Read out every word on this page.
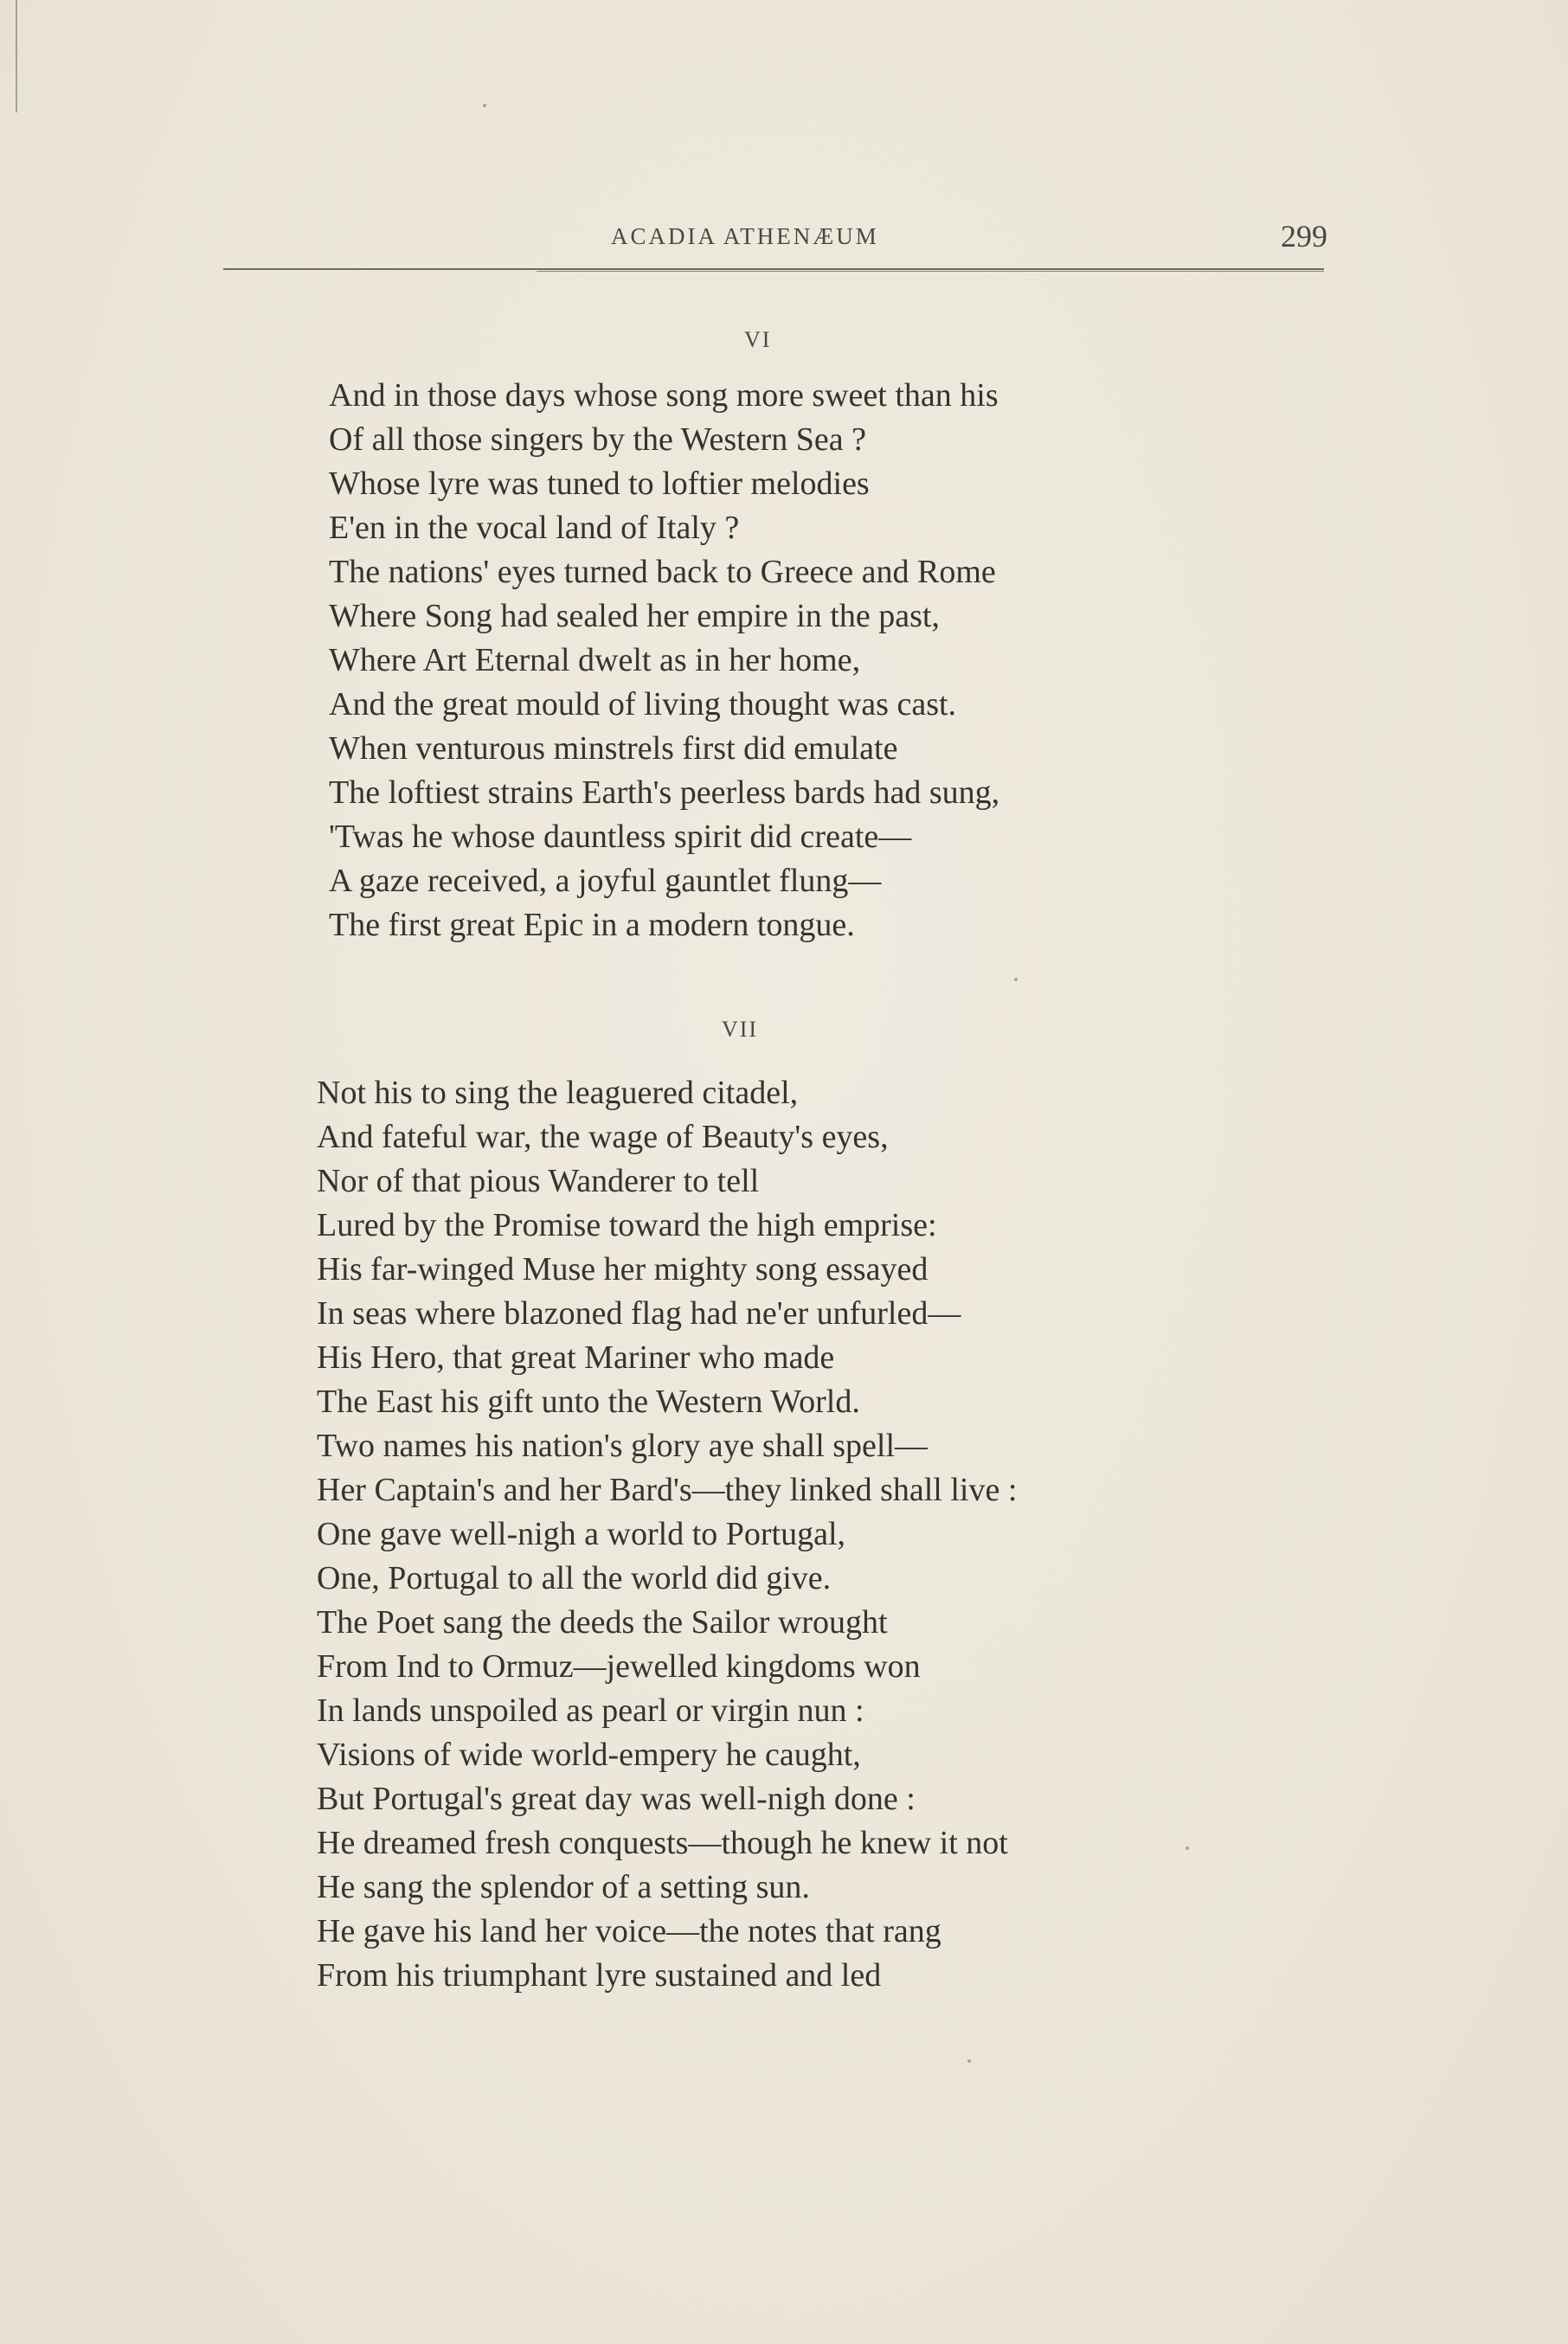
ACADIA ATHENÆUM	299
VI
And in those days whose song more sweet than his
Of all those singers by the Western Sea ?
Whose lyre was tuned to loftier melodies
E'en in the vocal land of Italy ?
The nations' eyes turned back to Greece and Rome
Where Song had sealed her empire in the past,
Where Art Eternal dwelt as in her home,
And the great mould of living thought was cast.
When venturous minstrels first did emulate
The loftiest strains Earth's peerless bards had sung,
'Twas he whose dauntless spirit did create—
A gaze received, a joyful gauntlet flung—
The first great Epic in a modern tongue.
VII
Not his to sing the leaguered citadel,
And fateful war, the wage of Beauty's eyes,
Nor of that pious Wanderer to tell
Lured by the Promise toward the high emprise:
His far-winged Muse her mighty song essayed
In seas where blazoned flag had ne'er unfurled—
His Hero, that great Mariner who made
The East his gift unto the Western World.
Two names his nation's glory aye shall spell—
Her Captain's and her Bard's—they linked shall live :
One gave well-nigh a world to Portugal,
One, Portugal to all the world did give.
The Poet sang the deeds the Sailor wrought
From Ind to Ormuz—jewelled kingdoms won
In lands unspoiled as pearl or virgin nun :
Visions of wide world-empery he caught,
But Portugal's great day was well-nigh done :
He dreamed fresh conquests—though he knew it not
He sang the splendor of a setting sun.
He gave his land her voice—the notes that rang
From his triumphant lyre sustained and led
